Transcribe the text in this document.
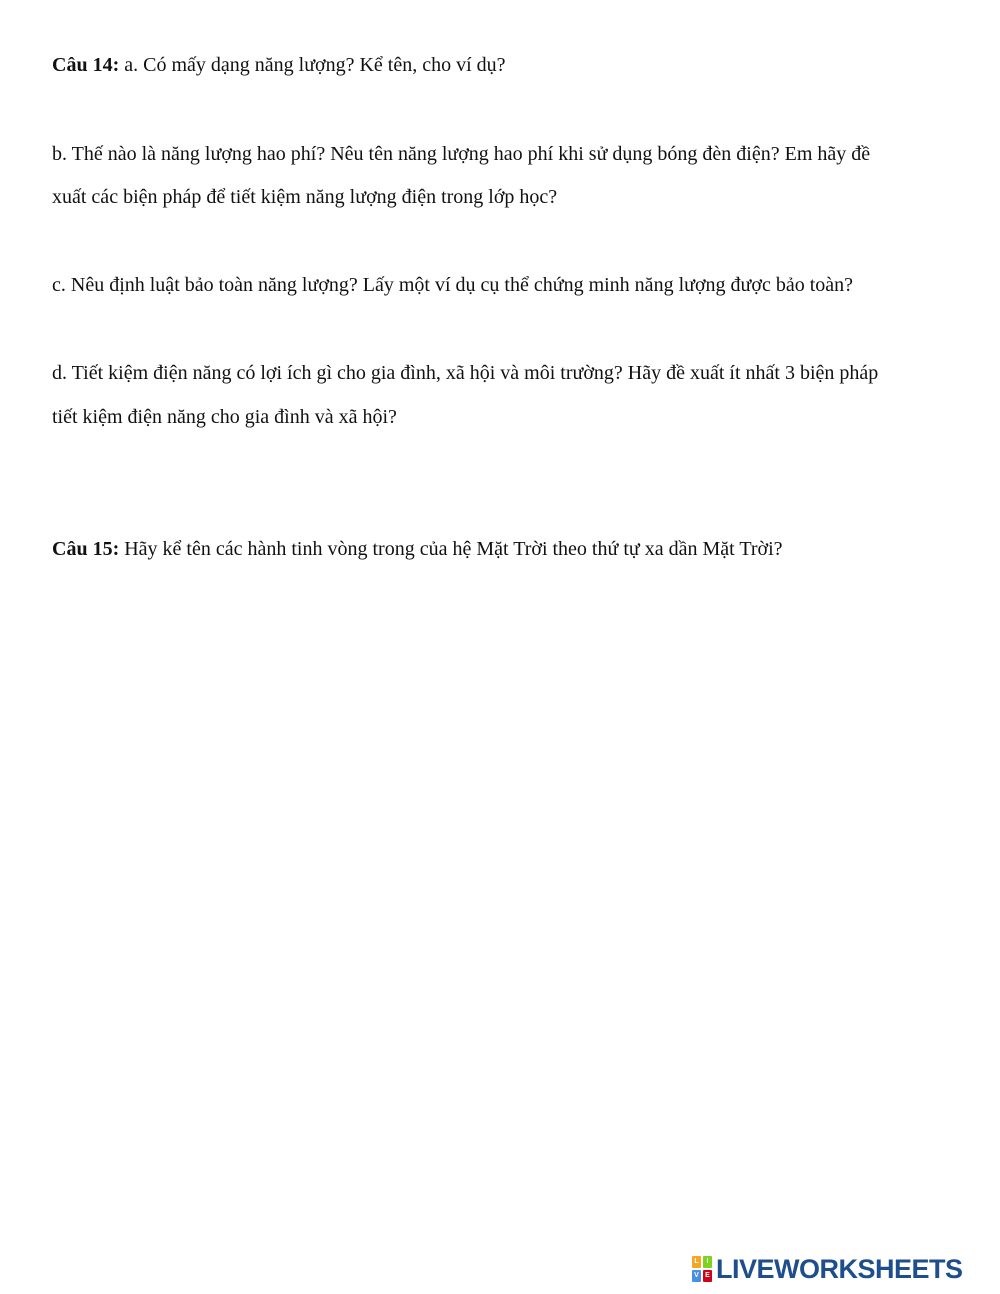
Câu 14: a. Có mấy dạng năng lượng? Kể tên, cho ví dụ?
b. Thế nào là năng lượng hao phí? Nêu tên năng lượng hao phí khi sử dụng bóng đèn điện? Em hãy đề
xuất các biện pháp để tiết kiệm năng lượng điện trong lớp học?
c. Nêu định luật bảo toàn năng lượng? Lấy một ví dụ cụ thể chứng minh năng lượng được bảo toàn?
d. Tiết kiệm điện năng có lợi ích gì cho gia đình, xã hội và môi trường? Hãy đề xuất ít nhất 3 biện pháp
tiết kiệm điện năng cho gia đình và xã hội?
Câu 15: Hãy kể tên các hành tinh vòng trong của hệ Mặt Trời theo thứ tự xa dần Mặt Trời?
L	I
V E LIVEWORKSHEETS
